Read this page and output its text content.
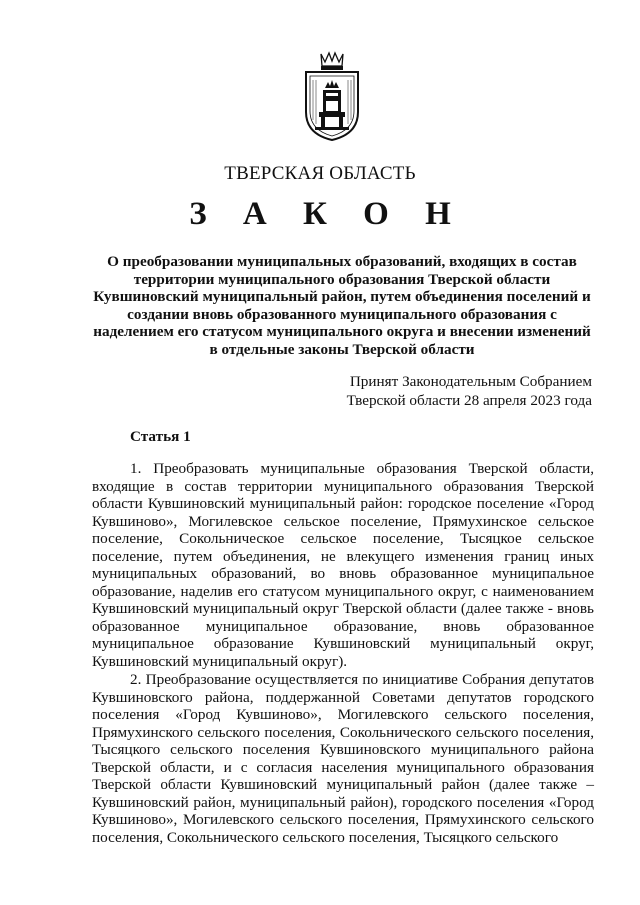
ТВЕРСКАЯ ОБЛАСТЬ
З А К О Н
О преобразовании муниципальных образований, входящих в состав
территории муниципального образования Тверской области
Кувшиновский муниципальный район, путем объединения поселений и
создании вновь образованного муниципального образования с
наделением его статусом муниципального округа и внесении изменений
в отдельные законы Тверской области
Принят Законодательным Собранием
Тверской области 28 апреля 2023 года
Статья 1

1. Преобразовать муниципальные образования Тверской области, входящие в состав территории муниципального образования Тверской области Кувшиновский муниципальный район: городское поселение «Город Кувшиново», Могилевское сельское поселение, Прямухинское сельское поселение, Сокольническое сельское поселение, Тысяцкое сельское поселение, путем объединения, не влекущего изменения границ иных муниципальных образований, во вновь образованное муниципальное образование, наделив его статусом муниципального округ, с наименованием Кувшиновский муниципальный округ Тверской области (далее также - вновь образованное муниципальное образование, вновь образованное муниципальное образование Кувшиновский муниципальный округ, Кувшиновский муниципальный округ).

2. Преобразование осуществляется по инициативе Собрания депутатов Кувшиновского района, поддержанной Советами депутатов городского поселения «Город Кувшиново», Могилевского сельского поселения, Прямухинского сельского поселения, Сокольнического сельского поселения, Тысяцкого сельского поселения Кувшиновского муниципального района Тверской области, и с согласия населения муниципального образования Тверской области Кувшиновский муниципальный район (далее также – Кувшиновский район, муниципальный район), городского поселения «Город Кувшиново», Могилевского сельского поселения, Прямухинского сельского поселения, Сокольнического сельского поселения, Тысяцкого сельского
